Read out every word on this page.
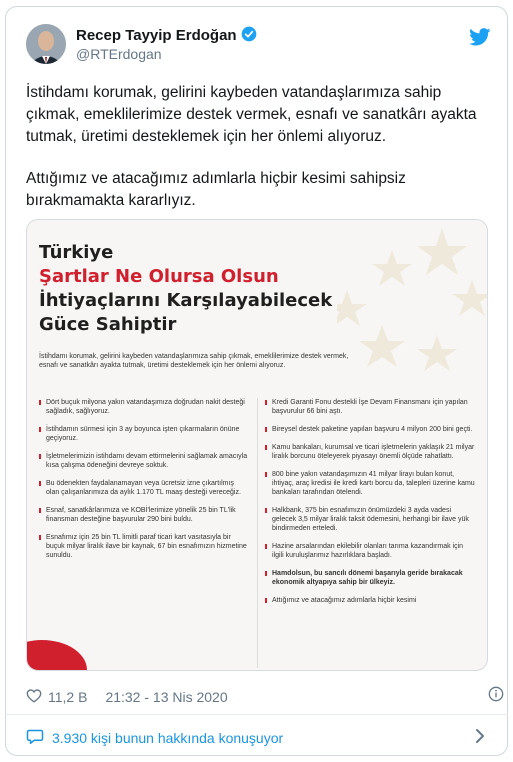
Recep Tayyip Erdoğan
@RTErdogan

İstihdamı korumak, gelirini kaybeden vatandaşlarımıza sahip çıkmak, emeklilerimize destek vermek, esnafı ve sanatkârı ayakta tutmak, üretimi desteklemek için her önlemi alıyoruz.

Attığımız ve atacağımız adımlarla hiçbir kesimi sahipsiz bırakmamakta kararlıyız.

Türkiye
Şartlar Ne Olursa Olsun
İhtiyaçlarını Karşılayabilecek
Güce Sahiptir
İstihdamı korumak, gelirini kaybeden vatandaşlarımıza sahip çıkmak, emeklilerimize destek vermek, esnafı ve sanatkârı ayakta tutmak, üretimi desteklemek için her önlemi alıyoruz.
Dört buçuk milyona yakın vatandaşımıza doğrudan nakit desteği sağladık, sağlıyoruz.
İstihdamın sürmesi için 3 ay boyunca işten çıkarmaların önüne geçiyoruz.
İşletmelerimizin istihdamı devam ettirmelerini sağlamak amacıyla kısa çalışma ödeneğini devreye soktuk.
Bu ödenekten faydalanamayan veya ücretsiz izne çıkartılmış olan çalışanlarımıza da aylık 1.170 TL maaş desteği vereceğiz.
Esnaf, sanatkârlarımıza ve KOBİ'lerimize yönelik 25 bin TL'lik finansman desteğine başvurular 290 bini buldu.
Esnafımız için 25 bin TL limitli paraf ticari kart vasıtasıyla bir buçuk milyar liralık ilave bir kaynak, 67 bin esnafımızın hizmetine sunuldu.
Kredi Garanti Fonu destekli İşe Devam Finansmanı için yapılan başvurulur 66 bini aştı.
Bireysel destek paketine yapılan başvuru 4 milyon 200 bini geçti.
Kamu bankaları, kurumsal ve ticari işletmelerin yaklaşık 21 milyar liralık borcunu öteleyerek piyasayı önemli ölçüde rahatlattı.
800 bine yakın vatandaşımızın 41 milyar lirayı bulan konut, ihtiyaç, araç kredisi ile kredi kartı borcu da, talepleri üzerine kamu bankaları tarafından ötelendi.
Halkbank, 375 bin esnafımızın önümüzdeki 3 ayda vadesi gelecek 3,5 milyar liralık taksit ödemesini, herhangi bir ilave yük bindirmeden erteledi.
Hazine arsalarından ekilebilir olanları tarıma kazandırmak için ilgili kuruluşlarımız hazırlıklara başladı.
Hamdolsun, bu sancılı dönemi başarıyla geride bırakacak ekonomik altyapıya sahip bir ülkeyiz.
Attığımız ve atacağımız adımlarla hiçbir kesimi
11,2 B 21:32 - 13 Nis 2020
3.930 kişi bunun hakkında konuşuyor
